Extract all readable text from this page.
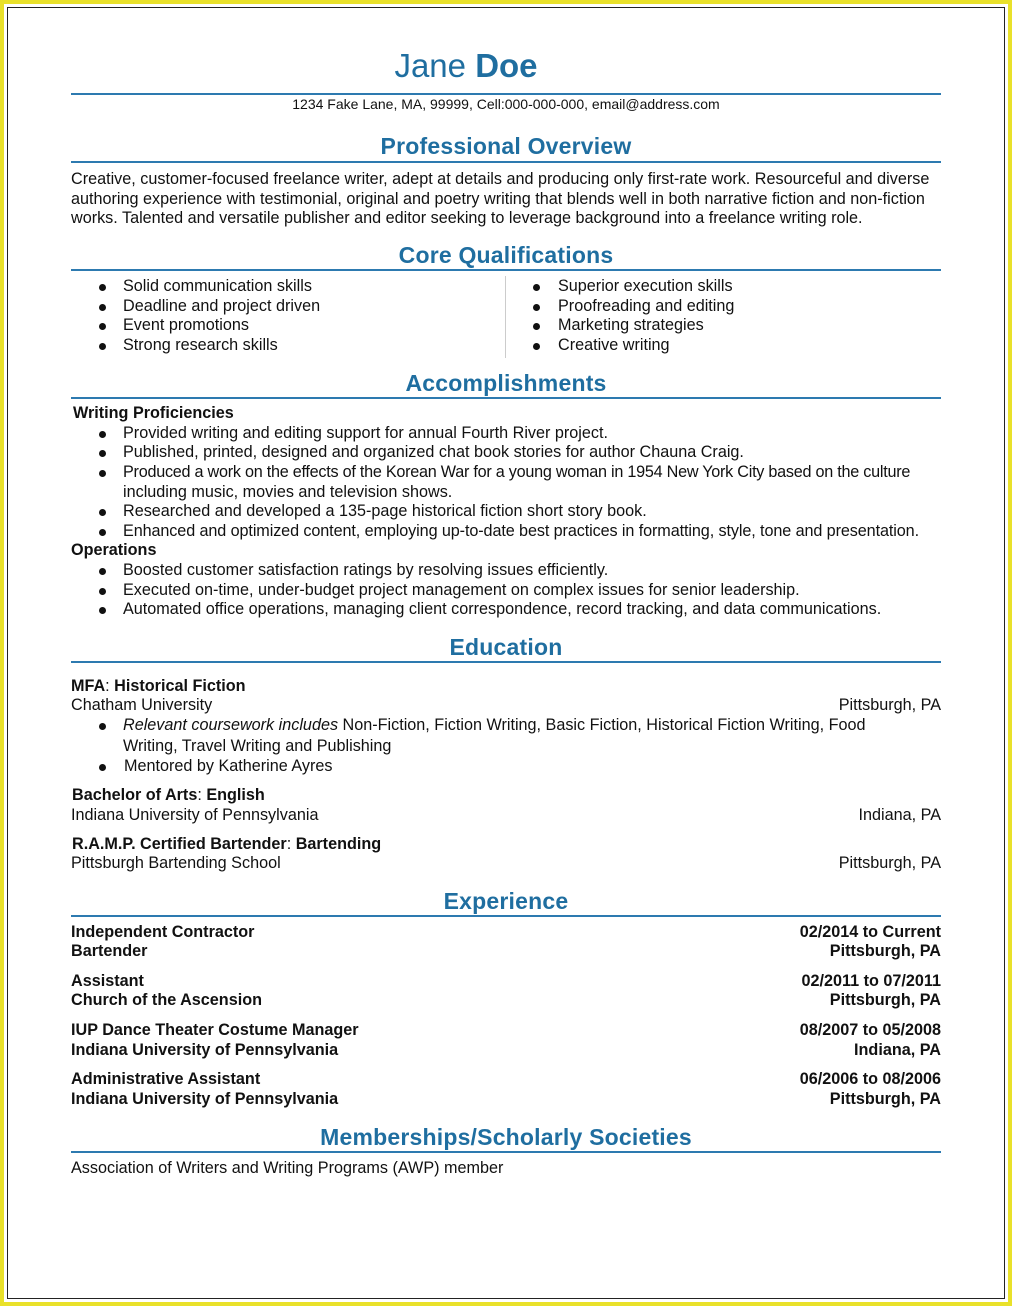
Jane Doe
1234 Fake Lane, MA, 99999, Cell:000-000-000, email@address.com
Professional Overview
Creative, customer-focused freelance writer, adept at details and producing only first-rate work. Resourceful and diverse
authoring experience with testimonial, original and poetry writing that blends well in both narrative fiction and non-fiction
works. Talented and versatile publisher and editor seeking to leverage background into a freelance writing role.
Core Qualifications
Solid communication skills
Deadline and project driven
Event promotions
Strong research skills
Superior execution skills
Proofreading and editing
Marketing strategies
Creative writing
Accomplishments
Writing Proficiencies
Provided writing and editing support for annual Fourth River project.
Published, printed, designed and organized chat book stories for author Chauna Craig.
Produced a work on the effects of the Korean War for a young woman in 1954 New York City based on the culture
including music, movies and television shows.
Researched and developed a 135-page historical fiction short story book.
Enhanced and optimized content, employing up-to-date best practices in formatting, style, tone and presentation.
Operations
Boosted customer satisfaction ratings by resolving issues efficiently.
Executed on-time, under-budget project management on complex issues for senior leadership.
Automated office operations, managing client correspondence, record tracking, and data communications.
Education
MFA: Historical Fiction
Chatham University	Pittsburgh, PA
Relevant coursework includes Non-Fiction, Fiction Writing, Basic Fiction, Historical Fiction Writing, Food
Writing, Travel Writing and Publishing
Mentored by Katherine Ayres
Bachelor of Arts: English
Indiana University of Pennsylvania	Indiana, PA
R.A.M.P. Certified Bartender: Bartending
Pittsburgh Bartending School	Pittsburgh, PA
Experience
Independent Contractor	02/2014 to Current
Bartender	Pittsburgh, PA
Assistant	02/2011 to 07/2011
Church of the Ascension	Pittsburgh, PA
IUP Dance Theater Costume Manager	08/2007 to 05/2008
Indiana University of Pennsylvania	Indiana, PA
Administrative Assistant	06/2006 to 08/2006
Indiana University of Pennsylvania	Pittsburgh, PA
Memberships/Scholarly Societies
Association of Writers and Writing Programs (AWP) member
